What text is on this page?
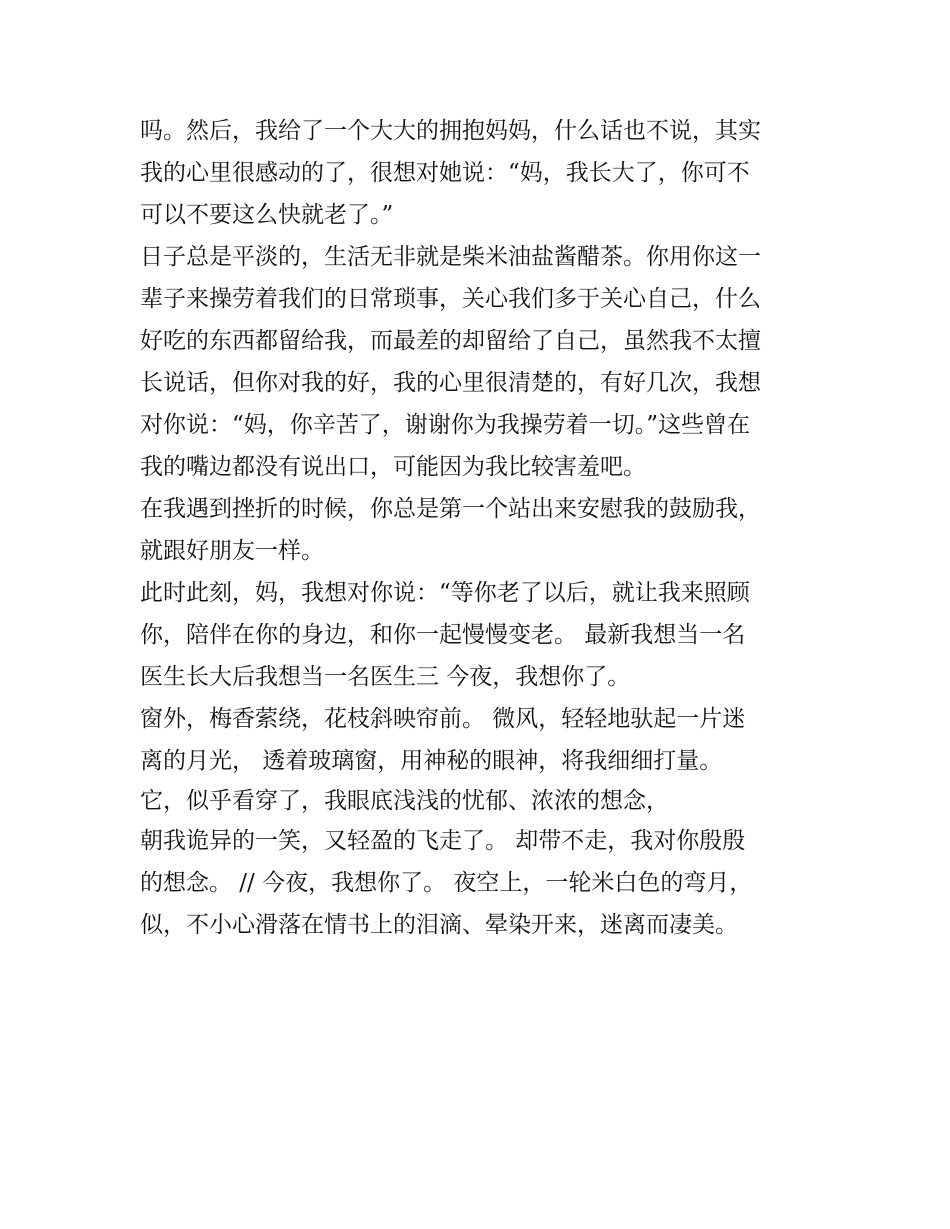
吗。然后，我给了一个大大的拥抱妈妈，什么话也不说，其实
我的心里很感动的了，很想对她说：“妈，我长大了，你可不
可以不要这么快就老了。”
日子总是平淡的，生活无非就是柴米油盐酱醋茶。你用你这一
辈子来操劳着我们的日常琐事，关心我们多于关心自己，什么
好吃的东西都留给我，而最差的却留给了自己，虽然我不太擅
长说话，但你对我的好，我的心里很清楚的，有好几次，我想
对你说：“妈，你辛苦了，谢谢你为我操劳着一切。”这些曾在
我的嘴边都没有说出口，可能因为我比较害羞吧。
在我遇到挫折的时候，你总是第一个站出来安慰我的鼓励我，
就跟好朋友一样。
此时此刻，妈，我想对你说：“等你老了以后，就让我来照顾
你，陪伴在你的身边，和你一起慢慢变老。 最新我想当一名
医生长大后我想当一名医生三 今夜，我想你了。
窗外，梅香萦绕，花枝斜映帘前。 微风，轻轻地驮起一片迷
离的月光， 透着玻璃窗，用神秘的眼神，将我细细打量。
它，似乎看穿了，我眼底浅浅的忧郁、浓浓的想念，
朝我诡异的一笑，又轻盈的飞走了。 却带不走，我对你殷殷
的想念。 // 今夜，我想你了。 夜空上，一轮米白色的弯月，
似，不小心滑落在情书上的泪滴、晕染开来，迷离而凄美。
